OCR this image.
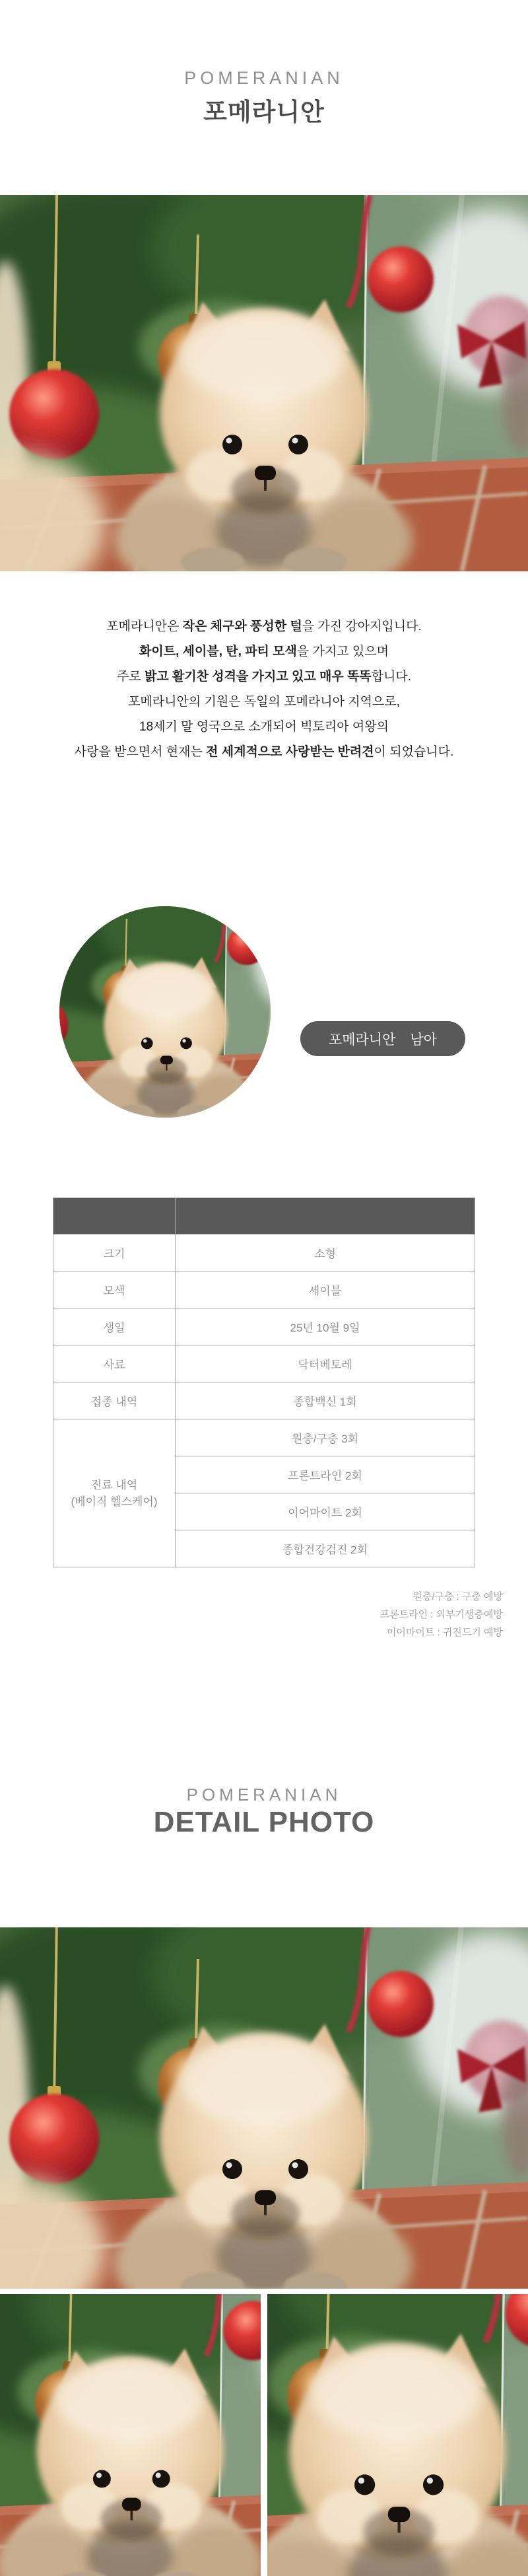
POMERANIAN
포메라니안
포메라니안은 작은 체구와 풍성한 털을 가진 강아지입니다.
화이트, 세이블, 탄, 파티 모색을 가지고 있으며
주로 밝고 활기찬 성격을 가지고 있고 매우 똑똑합니다.
포메라니안의 기원은 독일의 포메라니아 지역으로,
18세기 말 영국으로 소개되어 빅토리아 여왕의
사랑을 받으면서 현재는 전 세계적으로 사랑받는 반려견이 되었습니다.
포메라니안 남아

크기	소형
모색	세이블
생일	25년 10월 9일
사료	닥터베토레
접종 내역	종합백신 1회

진료 내역
(베이직 헬스케어)	원충/구충 3회
	프론트라인 2회
	이어마이트 2회
	종합건강검진 2회
원충/구충 : 구충 예방
프론트라인 : 외부기생충예방
이어마이트 : 귀진드기 예방
POMERANIAN
DETAIL PHOTO
